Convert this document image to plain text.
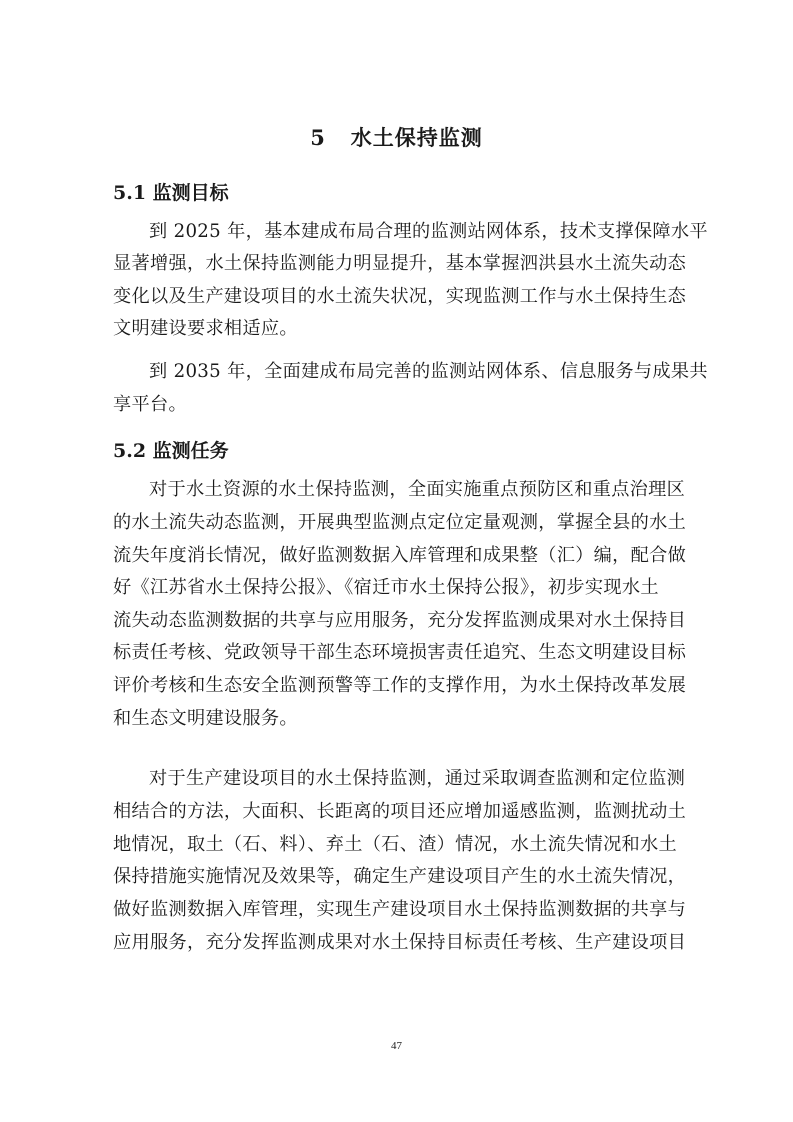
5   水土保持监测
5.1 监测目标
到 2025 年，基本建成布局合理的监测站网体系，技术支撑保障水平
显著增强，水土保持监测能力明显提升，基本掌握泗洪县水土流失动态
变化以及生产建设项目的水土流失状况，实现监测工作与水土保持生态
文明建设要求相适应。
到 2035 年，全面建成布局完善的监测站网体系、信息服务与成果共
享平台。
5.2 监测任务
对于水土资源的水土保持监测，全面实施重点预防区和重点治理区
的水土流失动态监测，开展典型监测点定位定量观测，掌握全县的水土
流失年度消长情况，做好监测数据入库管理和成果整（汇）编，配合做
好《江苏省水土保持公报》、《宿迁市水土保持公报》，初步实现水土
流失动态监测数据的共享与应用服务，充分发挥监测成果对水土保持目
标责任考核、党政领导干部生态环境损害责任追究、生态文明建设目标
评价考核和生态安全监测预警等工作的支撑作用，为水土保持改革发展
和生态文明建设服务。
对于生产建设项目的水土保持监测，通过采取调查监测和定位监测
相结合的方法，大面积、长距离的项目还应增加遥感监测，监测扰动土
地情况，取土（石、料）、弃土（石、渣）情况，水土流失情况和水土
保持措施实施情况及效果等，确定生产建设项目产生的水土流失情况，
做好监测数据入库管理，实现生产建设项目水土保持监测数据的共享与
应用服务，充分发挥监测成果对水土保持目标责任考核、生产建设项目
47
